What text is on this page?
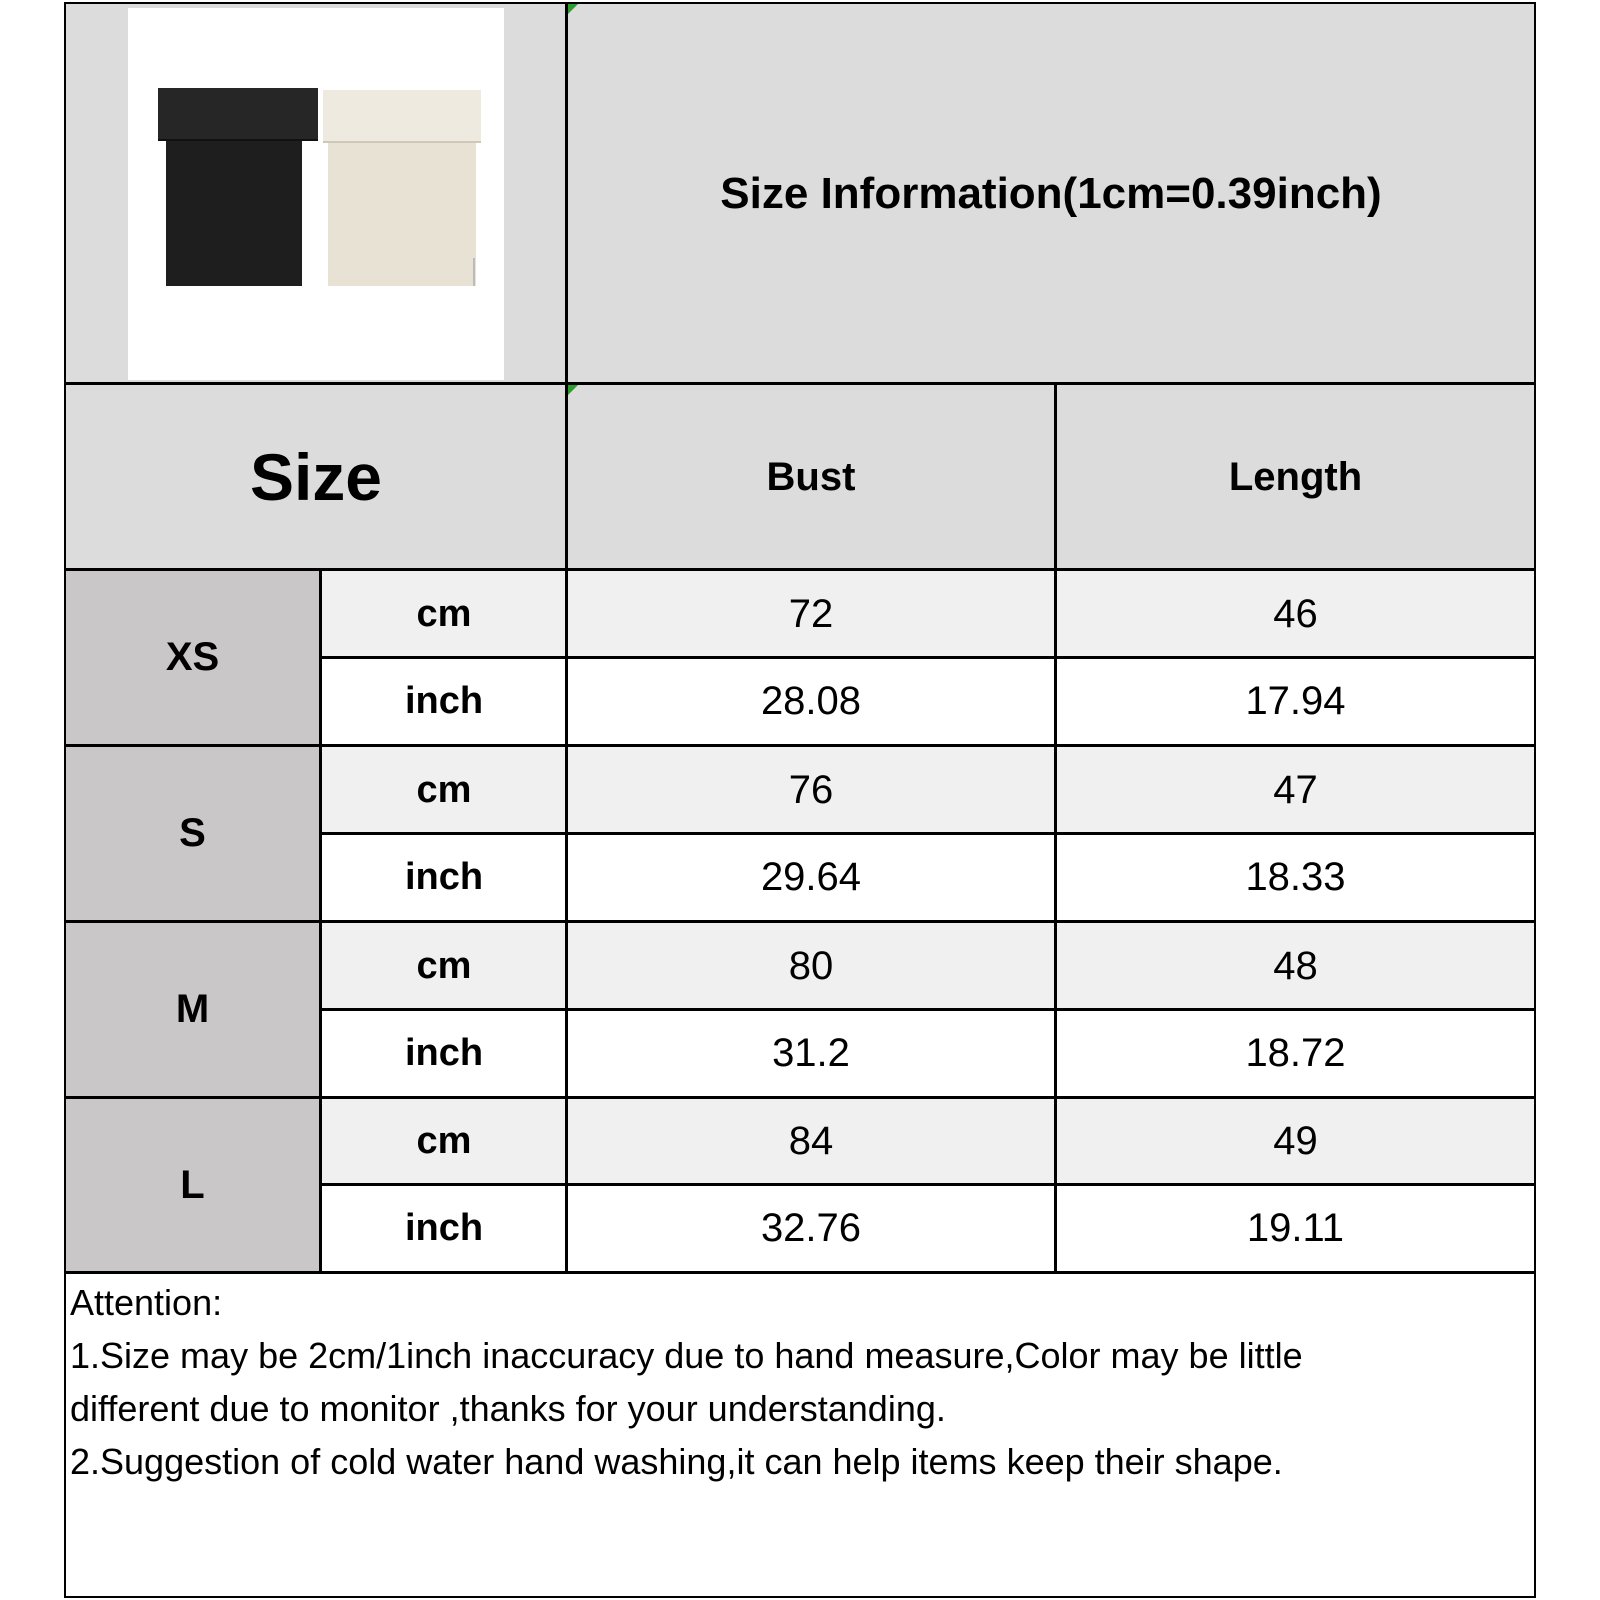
Size Information(1cm=0.39inch)
Size	Bust	Length
XS
cm	72	46
inch	28.08	17.94
S
cm	76	47
inch	29.64	18.33
M
cm	80	48
inch	31.2	18.72
L
cm	84	49
inch	32.76	19.11
Attention:
1.Size may be 2cm/1inch inaccuracy due to hand measure,Color may be little
different due to monitor ,thanks for your understanding.
2.Suggestion of cold water hand washing,it can help items keep their shape.
